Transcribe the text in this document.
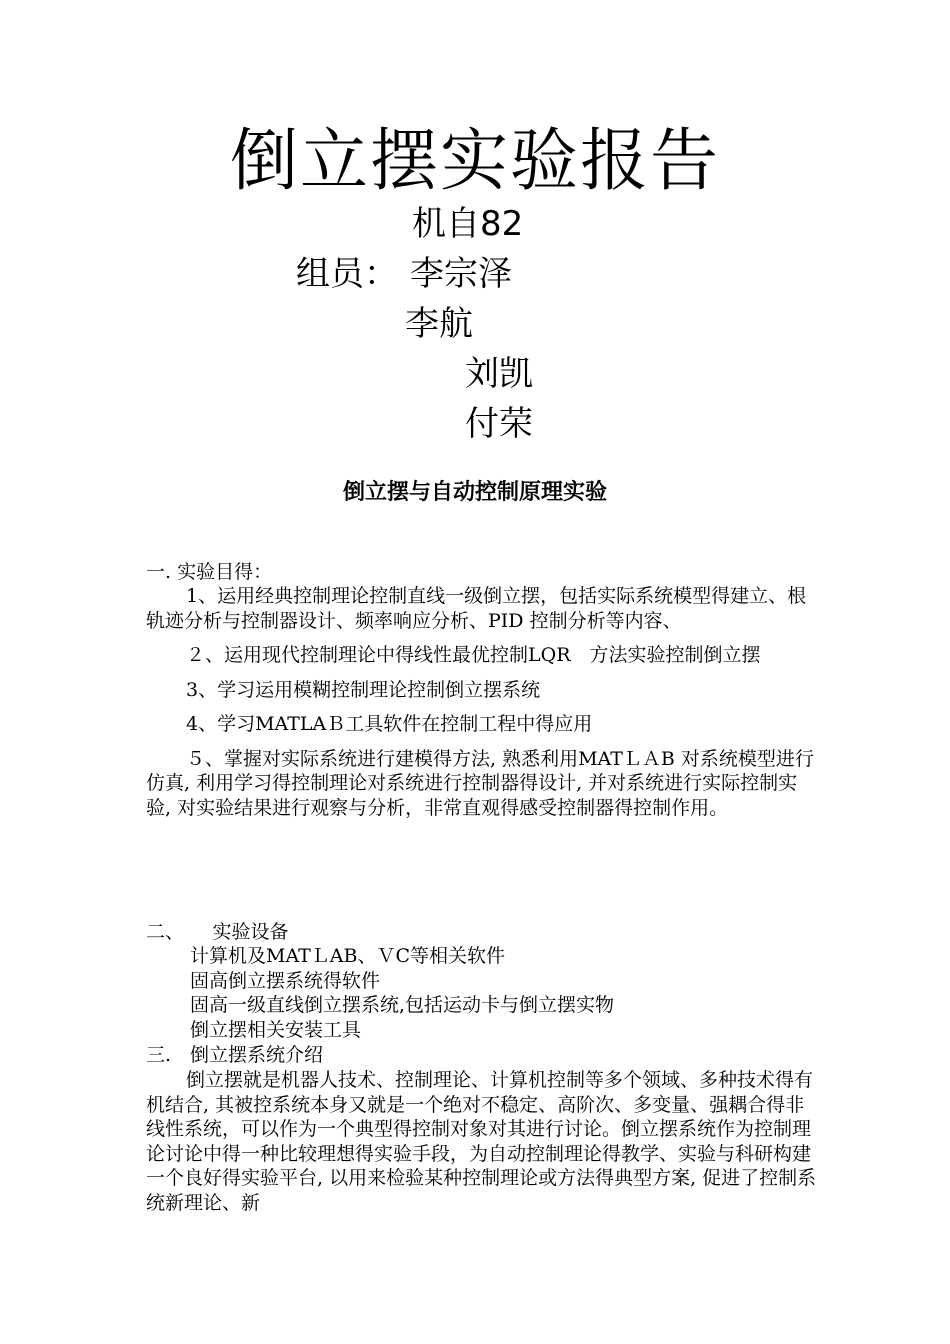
倒立摆实验报告
机自82
组员： 李宗泽
李航
刘凯
付荣
倒立摆与自动控制原理实验
一. 实验目得：

1、运用经典控制理论控制直线一级倒立摆，包括实际系统模型得建立、根轨迹分析与控制器设计、频率响应分析、PID 控制分析等内容、

２、运用现代控制理论中得线性最优控制LQR　方法实验控制倒立摆

3、学习运用模糊控制理论控制倒立摆系统

4、学习MATLAＢ工具软件在控制工程中得应用

５、掌握对实际系统进行建模得方法, 熟悉利用MATＬＡB 对系统模型进行仿真, 利用学习得控制理论对系统进行控制器得设计, 并对系统进行实际控制实验, 对实验结果进行观察与分析，非常直观得感受控制器得控制作用。

二、　　实验设备
计算机及MATＬAB、ＶC等相关软件
固高倒立摆系统得软件
固高一级直线倒立摆系统,包括运动卡与倒立摆实物
倒立摆相关安装工具
三.　倒立摆系统介绍

倒立摆就是机器人技术、控制理论、计算机控制等多个领域、多种技术得有机结合, 其被控系统本身又就是一个绝对不稳定、高阶次、多变量、强耦合得非线性系统，可以作为一个典型得控制对象对其进行讨论。倒立摆系统作为控制理论讨论中得一种比较理想得实验手段，为自动控制理论得教学、实验与科研构建一个良好得实验平台, 以用来检验某种控制理论或方法得典型方案, 促进了控制系统新理论、新
